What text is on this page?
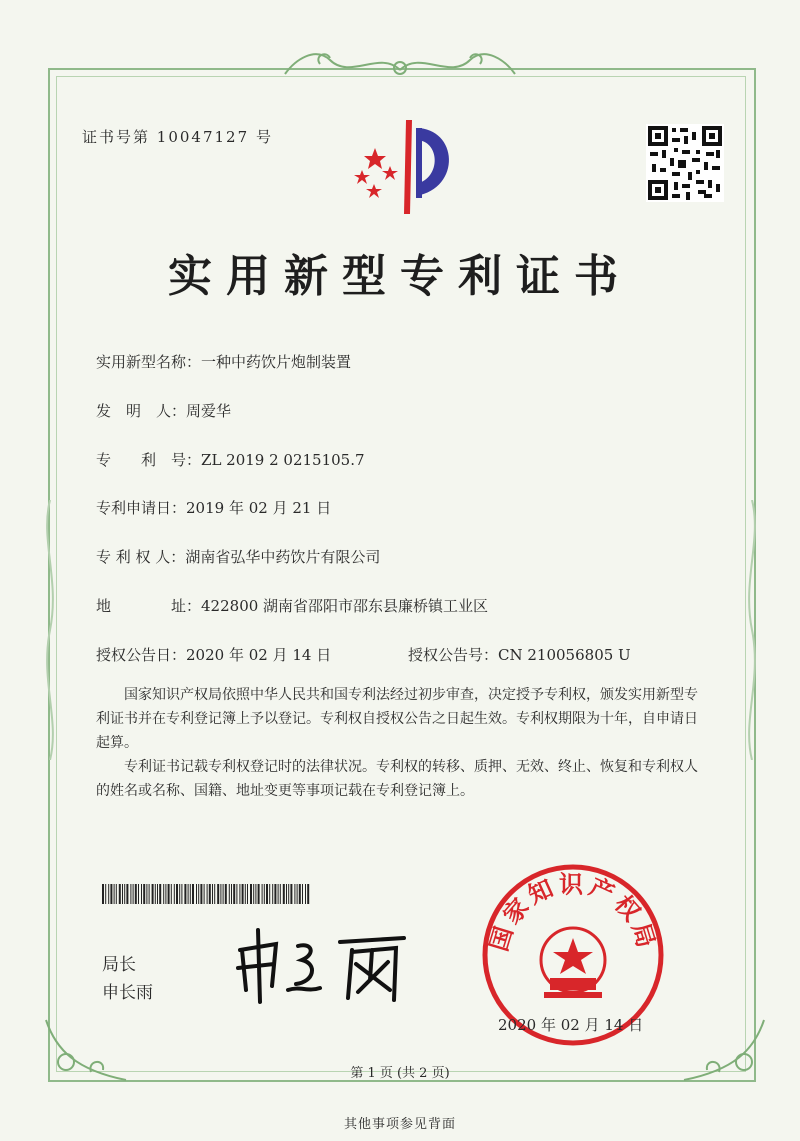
证书号第 10047127 号
实用新型专利证书
实用新型名称：一种中药饮片炮制装置
发　明　人：周爱华
专　　利　号：ZL 2019 2 0215105.7
专利申请日：2019 年 02 月 21 日
专 利 权 人：湖南省弘华中药饮片有限公司
地　　　　址：422800 湖南省邵阳市邵东县廉桥镇工业区
授权公告日：2020 年 02 月 14 日	授权公告号：CN 210056805 U

国家知识产权局依照中华人民共和国专利法经过初步审查，决定授予专利权，颁发实用新型专利证书并在专利登记簿上予以登记。专利权自授权公告之日起生效。专利权期限为十年，自申请日起算。

专利证书记载专利权登记时的法律状况。专利权的转移、质押、无效、终止、恢复和专利权人的姓名或名称、国籍、地址变更等事项记载在专利登记簿上。

局长
申长雨
国家知识产权局
2020 年 02 月 14 日
第 1 页 (共 2 页)
其他事项参见背面
